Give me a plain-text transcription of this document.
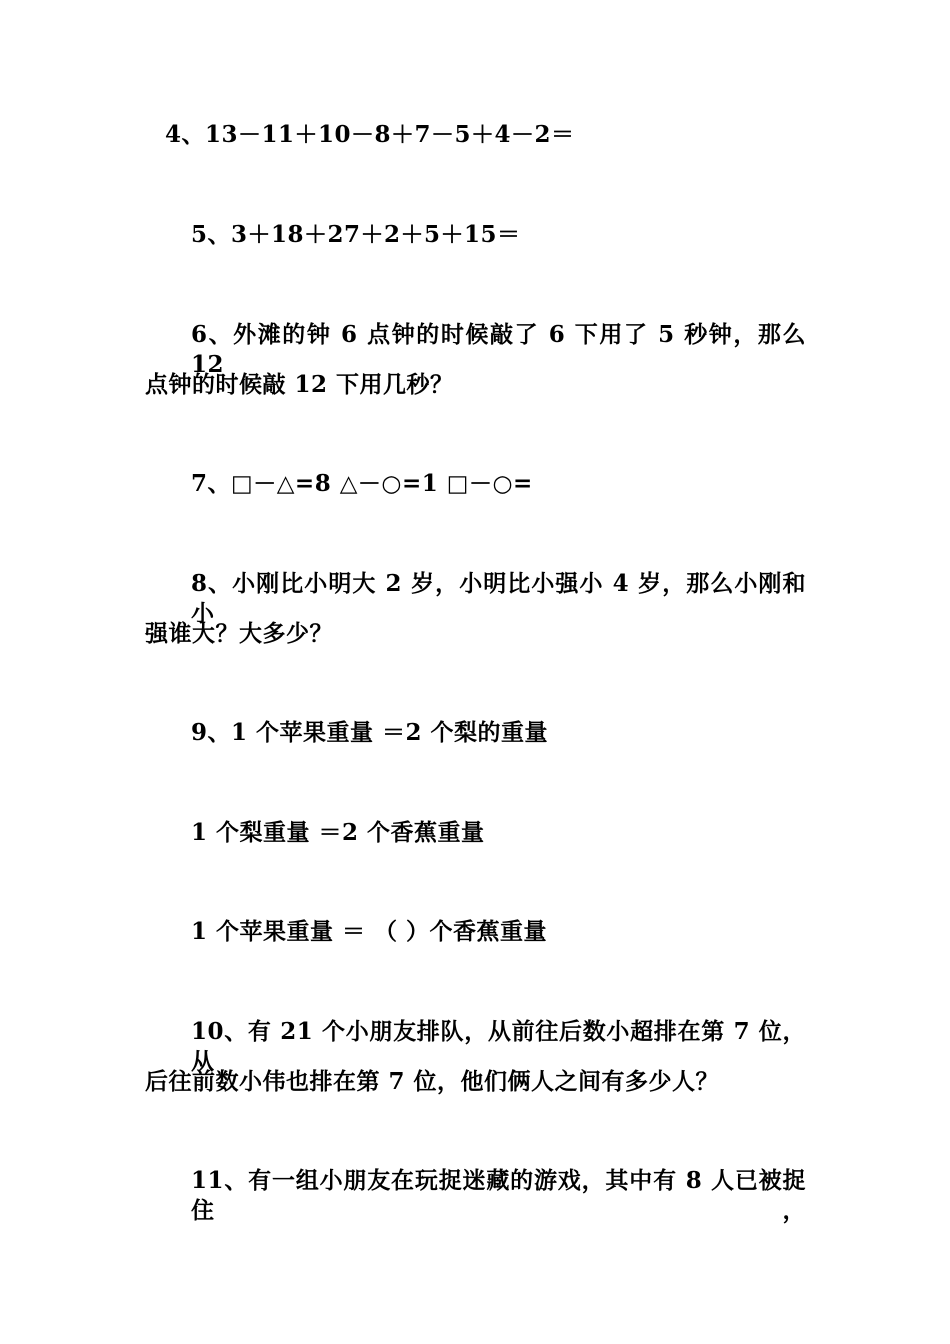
4、13－11＋10－8＋7－5＋4－2＝
5、3＋18＋27＋2＋5＋15＝
6、外滩的钟 6 点钟的时候敲了 6 下用了 5 秒钟，那么 12
点钟的时候敲 12 下用几秒？
7、□－△=8 △－○=1 □－○=
8、小刚比小明大 2 岁，小明比小强小 4 岁，那么小刚和小
强谁大？大多少？
9、1 个苹果重量 ＝2 个梨的重量
1 个梨重量 ＝2 个香蕉重量
1 个苹果重量 ＝ （ ）个香蕉重量
10、有 21 个小朋友排队，从前往后数小超排在第 7 位，从
后往前数小伟也排在第 7 位，他们俩人之间有多少人？
11、有一组小朋友在玩捉迷藏的游戏，其中有 8 人已被捉住，
